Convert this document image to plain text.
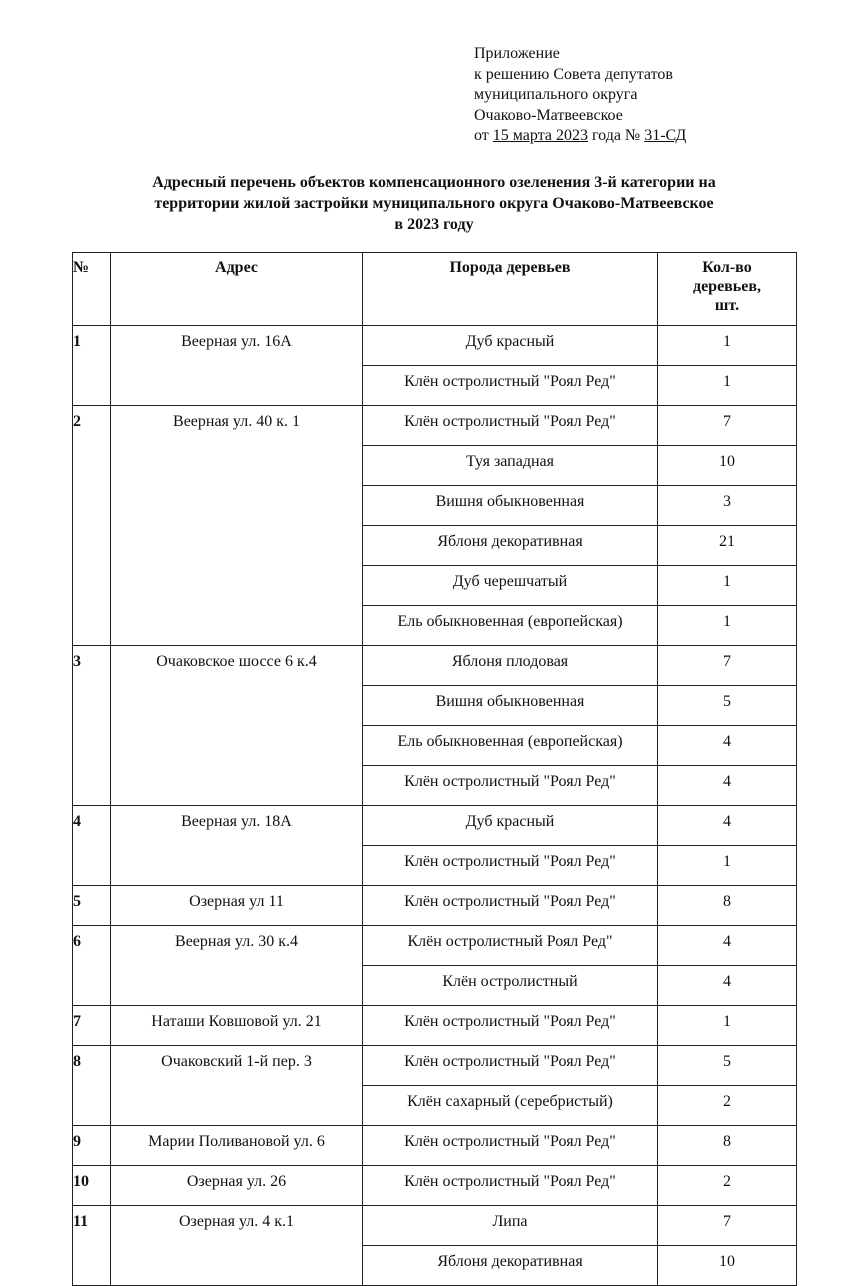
Приложение
к решению Совета депутатов
муниципального округа
Очаково-Матвеевское
от 15 марта 2023 года № 31-СД
Адресный перечень объектов компенсационного озеленения 3-й категории на
территории жилой застройки муниципального округа Очаково-Матвеевское
в 2023 году
№	Адрес	Порода деревьев	Кол-во
деревьев,
шт.

1	Веерная ул. 16А	Дуб красный	1
		Клён остролистный "Роял Ред"	1
2	Веерная ул. 40 к. 1	Клён остролистный "Роял Ред"	7
		Туя западная	10
		Вишня обыкновенная	3
		Яблоня декоративная	21
		Дуб черешчатый	1
		Ель обыкновенная (европейская)	1
3	Очаковское шоссе 6 к.4	Яблоня плодовая	7
		Вишня обыкновенная	5
		Ель обыкновенная (европейская)	4
		Клён остролистный "Роял Ред"	4
4	Веерная ул. 18А	Дуб красный	4
		Клён остролистный "Роял Ред"	1
5	Озерная ул 11	Клён остролистный "Роял Ред"	8
6	Веерная ул. 30 к.4	Клён остролистный Роял Ред"	4
		Клён остролистный	4
7	Наташи Ковшовой ул. 21	Клён остролистный "Роял Ред"	1
8	Очаковский 1-й пер. 3	Клён остролистный "Роял Ред"	5
		Клён сахарный (серебристый)	2
9	Марии Поливановой ул. 6	Клён остролистный "Роял Ред"	8
10	Озерная ул. 26	Клён остролистный "Роял Ред"	2
11	Озерная ул. 4 к.1	Липа	7
		Яблоня декоративная	10
